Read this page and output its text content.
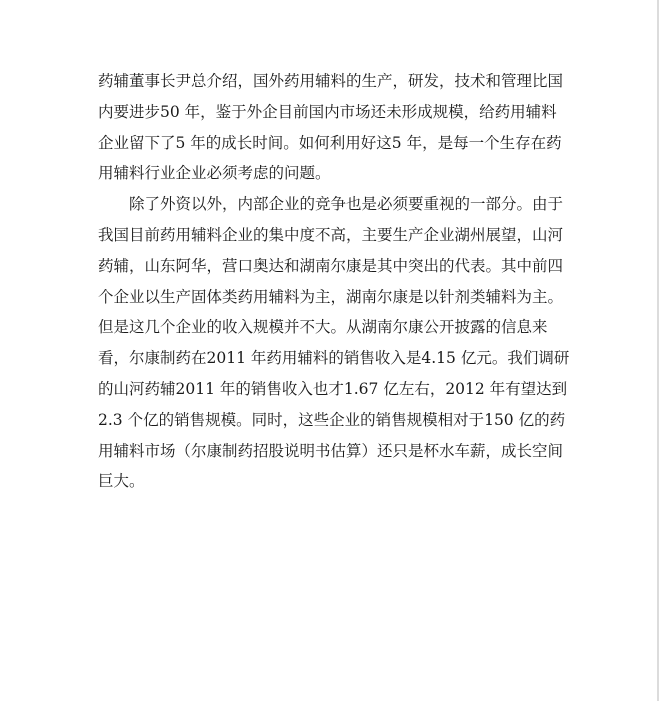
药辅董事长尹总介绍，国外药用辅料的生产，研发，技术和管理比国
内要进步50 年，鉴于外企目前国内市场还未形成规模，给药用辅料
企业留下了5 年的成长时间。如何利用好这5 年，是每一个生存在药
用辅料行业企业必须考虑的问题。
除了外资以外，内部企业的竞争也是必须要重视的一部分。由于
我国目前药用辅料企业的集中度不高，主要生产企业湖州展望，山河
药辅，山东阿华，营口奥达和湖南尔康是其中突出的代表。其中前四
个企业以生产固体类药用辅料为主，湖南尔康是以针剂类辅料为主。
但是这几个企业的收入规模并不大。从湖南尔康公开披露的信息来
看，尔康制药在2011 年药用辅料的销售收入是4.15 亿元。我们调研
的山河药辅2011 年的销售收入也才1.67 亿左右，2012 年有望达到
2.3 个亿的销售规模。同时，这些企业的销售规模相对于150 亿的药
用辅料市场（尔康制药招股说明书估算）还只是杯水车薪，成长空间
巨大。
